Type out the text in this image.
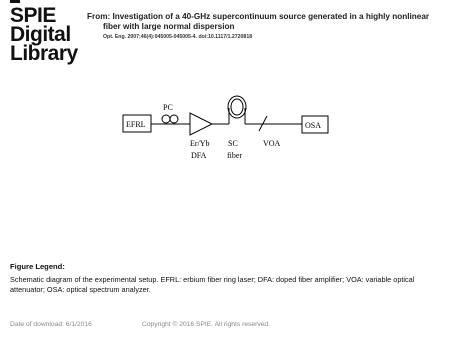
SPIE
Digital
Library
From: Investigation of a 40-GHz supercontinuum source generated in a highly nonlinear
fiber with large normal dispersion
Opt. Eng. 2007;46(4):045005-045005-4. doi:10.1117/1.2720818
EFRL
PC
Er/Yb
DFA
SC
fiber
VOA
OSA
Figure Legend:
Schematic diagram of the experimental setup. EFRL: erbium fiber ring laser; DFA: doped fiber amplifier; VOA: variable optical attenuator; OSA: optical spectrum analyzer.
Date of download: 6/1/2016	Copyright © 2016 SPIE. All rights reserved.
